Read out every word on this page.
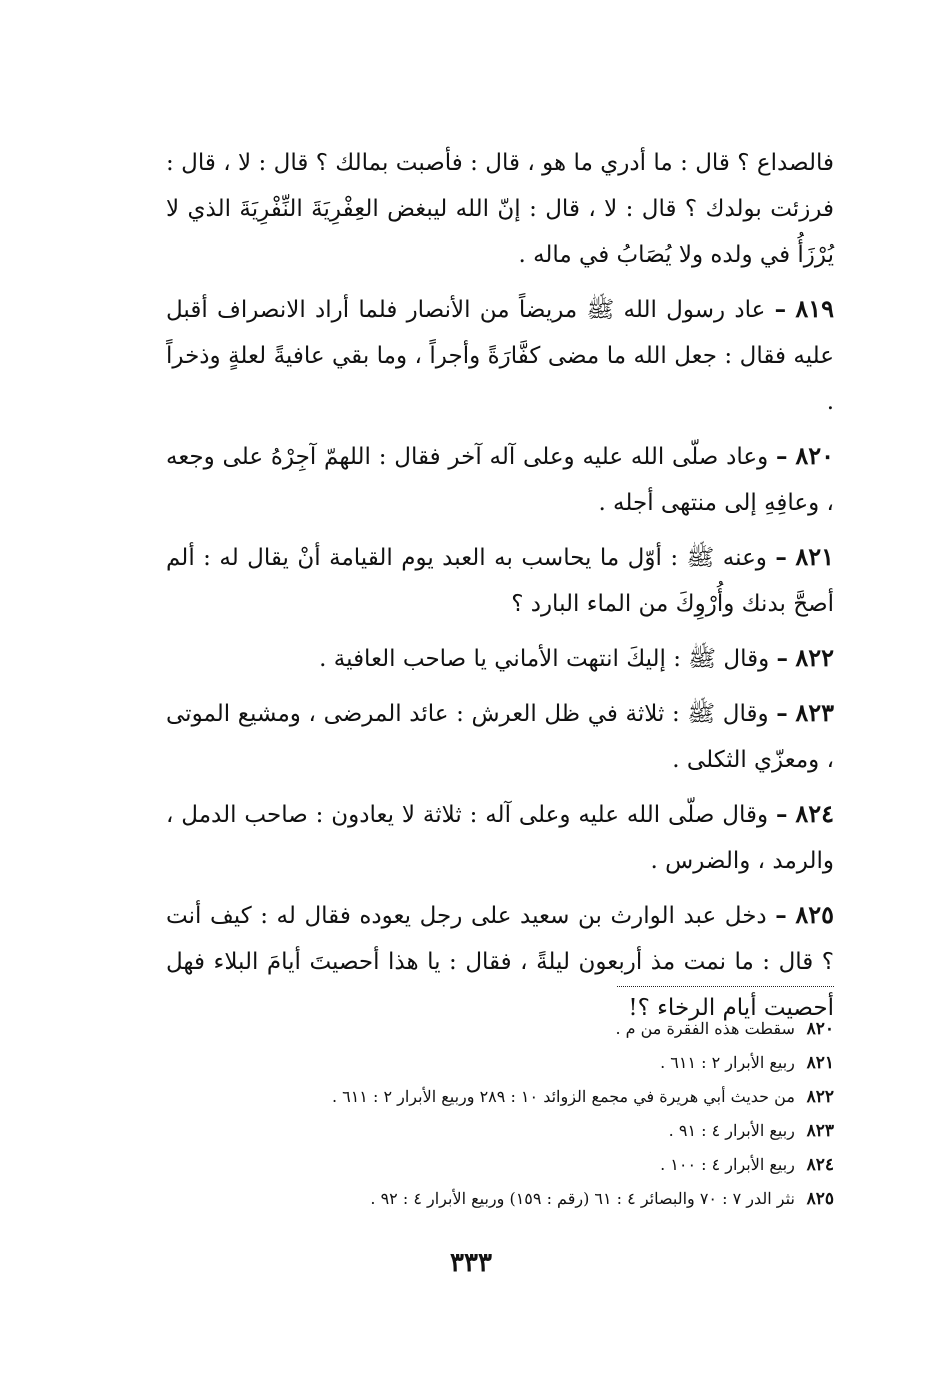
فالصداع ؟ قال : ما أدري ما هو ، قال : فأصبت بمالك ؟ قال : لا ، قال : فرزئت بولدك ؟ قال : لا ، قال : إنّ الله ليبغض العِفْرِيَةَ النِّفْرِيَةَ الذي لا يُرْزَأُ في ولده ولا يُصَابُ في ماله .

٨١٩ – عاد رسول الله ﷺ مريضاً من الأنصار فلما أراد الانصراف أقبل عليه فقال : جعل الله ما مضى كفَّارَةً وأجراً ، وما بقي عافيةً لعلةٍ وذخراً .

٨٢٠ – وعاد صلّى الله عليه وعلى آله آخر فقال : اللهمّ آجِرْهُ على وجعه ، وعافِهِ إلى منتهى أجله .

٨٢١ – وعنه ﷺ : أوّل ما يحاسب به العبد يوم القيامة أنْ يقال له : ألم أصحَّ بدنك وأُرْوِكَ من الماء البارد ؟

٨٢٢ – وقال ﷺ : إليكَ انتهت الأماني يا صاحب العافية .

٨٢٣ – وقال ﷺ : ثلاثة في ظل العرش : عائد المرضى ، ومشيع الموتى ، ومعزّي الثكلى .

٨٢٤ – وقال صلّى الله عليه وعلى آله : ثلاثة لا يعادون : صاحب الدمل ، والرمد ، والضرس .

٨٢٥ – دخل عبد الوارث بن سعيد على رجل يعوده فقال له : كيف أنت ؟ قال : ما نمت مذ أربعون ليلةً ، فقال : يا هذا أحصيتَ أيامَ البلاء فهل أحصيت أيام الرخاء ؟!

٨٢٠ سقطت هذه الفقرة من م .
٨٢١ ربيع الأبرار ٢ : ٦١١ .
٨٢٢ من حديث أبي هريرة في مجمع الزوائد ١٠ : ٢٨٩ وربيع الأبرار ٢ : ٦١١ .
٨٢٣ ربيع الأبرار ٤ : ٩١ .
٨٢٤ ربيع الأبرار ٤ : ١٠٠ .
٨٢٥ نثر الدر ٧ : ٧٠ والبصائر ٤ : ٦١ (رقم : ١٥٩) وربيع الأبرار ٤ : ٩٢ .
٣٣٣
